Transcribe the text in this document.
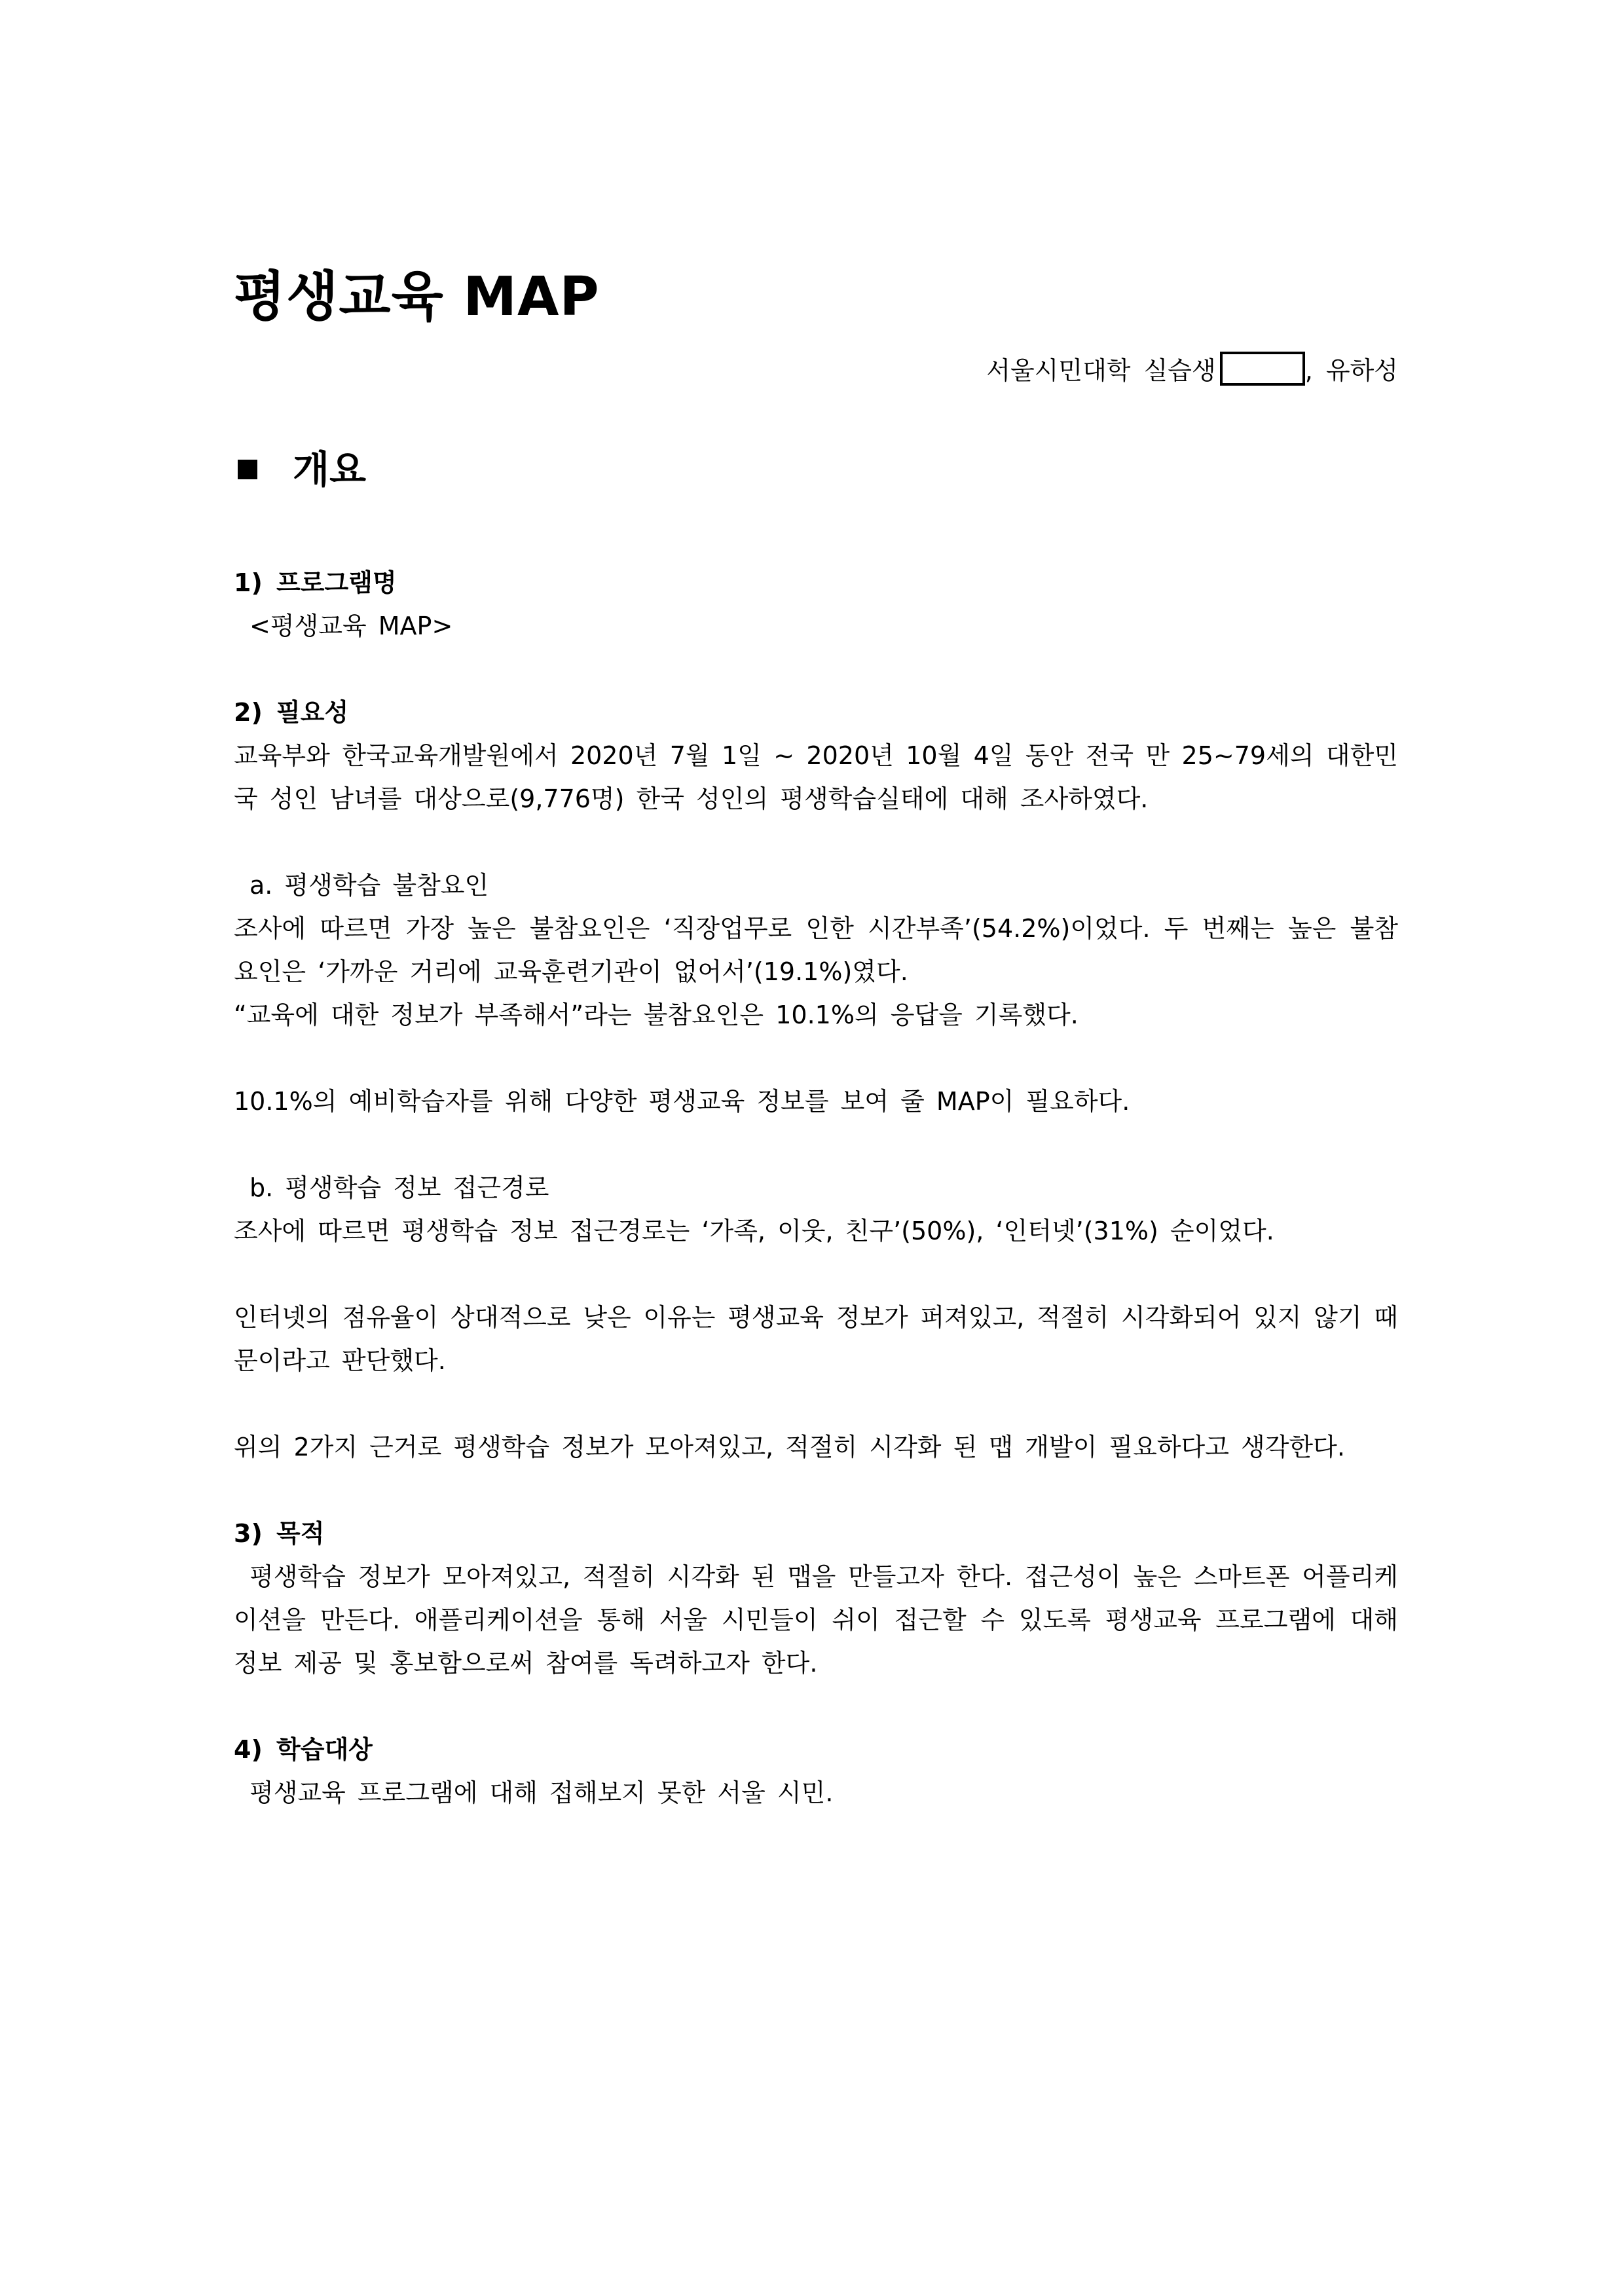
평생교육 MAP
서울시민대학 실습생	, 유하성
개요
1) 프로그램명

<평생교육 MAP>

2) 필요성

교육부와 한국교육개발원에서 2020년 7월 1일 ~ 2020년 10월 4일 동안 전국 만 25~79세의 대한민국 성인 남녀를 대상으로(9,776명) 한국 성인의 평생학습실태에 대해 조사하였다.

a. 평생학습 불참요인

조사에 따르면 가장 높은 불참요인은 ‘직장업무로 인한 시간부족’(54.2%)이었다. 두 번째는 높은 불참요인은 ‘가까운 거리에 교육훈련기관이 없어서’(19.1%)였다.

“교육에 대한 정보가 부족해서”라는 불참요인은 10.1%의 응답을 기록했다.

10.1%의 예비학습자를 위해 다양한 평생교육 정보를 보여 줄 MAP이 필요하다.

b. 평생학습 정보 접근경로

조사에 따르면 평생학습 정보 접근경로는 ‘가족, 이웃, 친구’(50%), ‘인터넷’(31%) 순이었다.

인터넷의 점유율이 상대적으로 낮은 이유는 평생교육 정보가 퍼져있고, 적절히 시각화되어 있지 않기 때문이라고 판단했다.

위의 2가지 근거로 평생학습 정보가 모아져있고, 적절히 시각화 된 맵 개발이 필요하다고 생각한다.

3) 목적

평생학습 정보가 모아져있고, 적절히 시각화 된 맵을 만들고자 한다. 접근성이 높은 스마트폰 어플리케이션을 만든다. 애플리케이션을 통해 서울 시민들이 쉬이 접근할 수 있도록 평생교육 프로그램에 대해 정보 제공 및 홍보함으로써 참여를 독려하고자 한다.

4) 학습대상

평생교육 프로그램에 대해 접해보지 못한 서울 시민.
